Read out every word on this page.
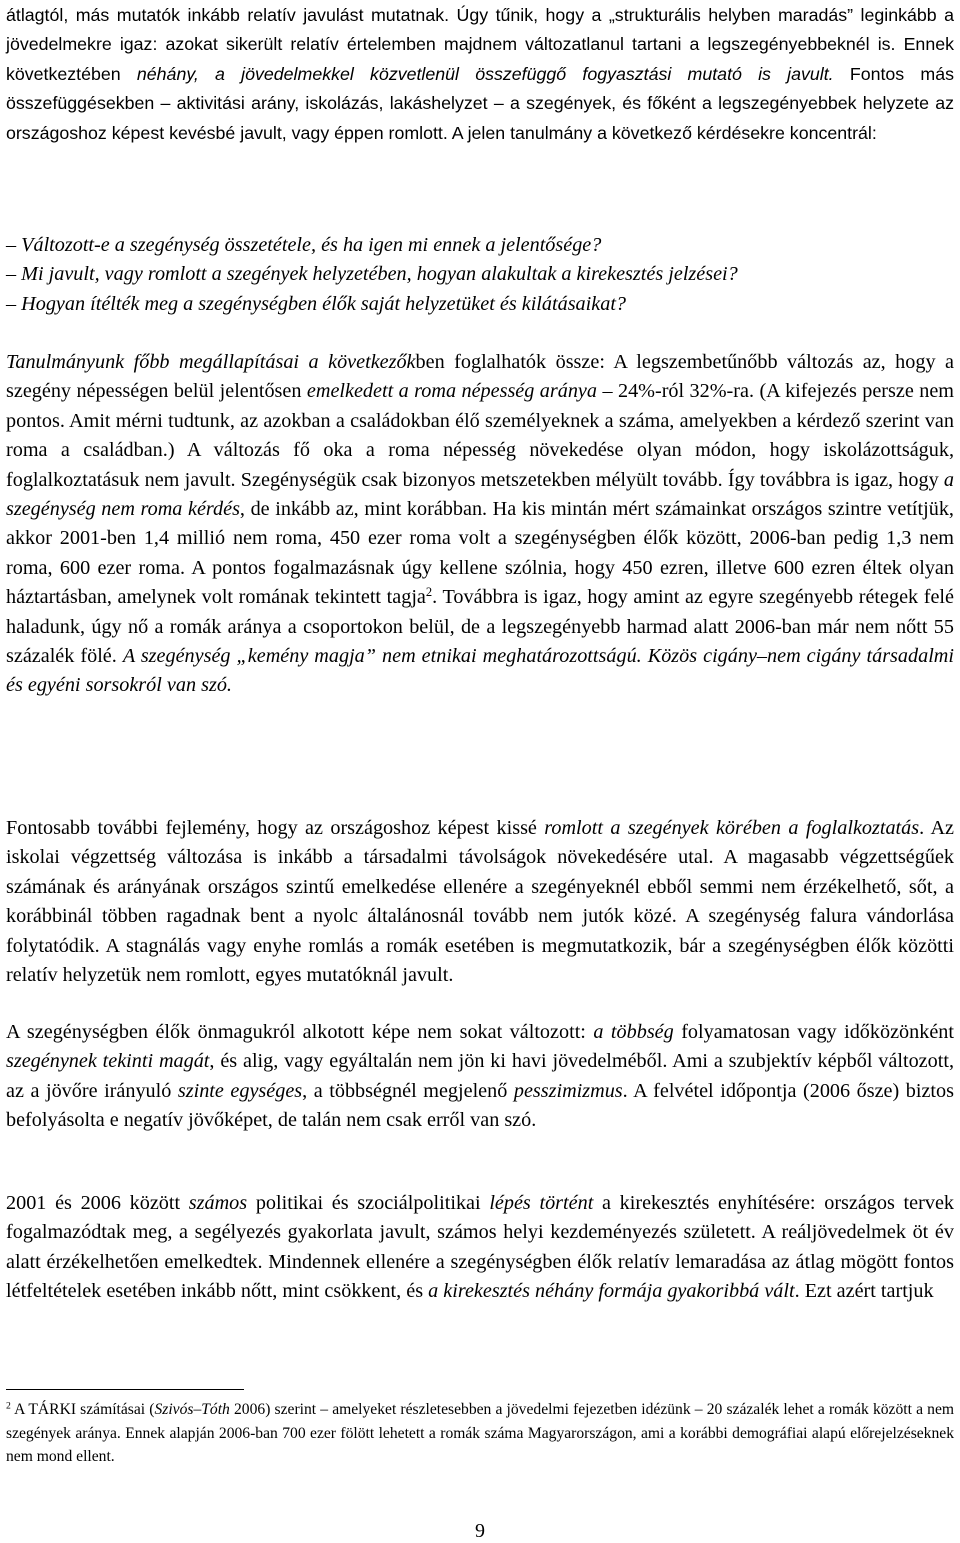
átlagtól, más mutatók inkább relatív javulást mutatnak. Úgy tűnik, hogy a „strukturális helyben maradás” leginkább a jövedelmekre igaz: azokat sikerült relatív értelemben majdnem változatlanul tartani a legszegényebbeknél is. Ennek következtében néhány, a jövedelmekkel közvetlenül összefüggő fogyasztási mutató is javult. Fontos más összefüggésekben – aktivitási arány, iskolázás, lakáshelyzet – a szegények, és főként a legszegényebbek helyzete az országoshoz képest kevésbé javult, vagy éppen romlott. A jelen tanulmány a következő kérdésekre koncentrál:

– Változott-e a szegénység összetétele, és ha igen mi ennek a jelentősége?
– Mi javult, vagy romlott a szegények helyzetében, hogyan alakultak a kirekesztés jelzései?
– Hogyan ítélték meg a szegénységben élők saját helyzetüket és kilátásaikat?

Tanulmányunk főbb megállapításai a következőkben foglalhatók össze: A legszembetűnőbb változás az, hogy a szegény népességen belül jelentősen emelkedett a roma népesség aránya – 24%-ról 32%-ra. (A kifejezés persze nem pontos. Amit mérni tudtunk, az azokban a családokban élő személyeknek a száma, amelyekben a kérdező szerint van roma a családban.) A változás fő oka a roma népesség növekedése olyan módon, hogy iskolázottságuk, foglalkoztatásuk nem javult. Szegénységük csak bizonyos metszetekben mélyült tovább. Így továbbra is igaz, hogy a szegénység nem roma kérdés, de inkább az, mint korábban. Ha kis mintán mért számainkat országos szintre vetítjük, akkor 2001-ben 1,4 millió nem roma, 450 ezer roma volt a szegénységben élők között, 2006-ban pedig 1,3 nem roma, 600 ezer roma. A pontos fogalmazásnak úgy kellene szólnia, hogy 450 ezren, illetve 600 ezren éltek olyan háztartásban, amelynek volt romának tekintett tagja$^2$. Továbbra is igaz, hogy amint az egyre szegényebb rétegek felé haladunk, úgy nő a romák aránya a csoportokon belül, de a legszegényebb harmad alatt 2006-ban már nem nőtt 55 százalék fölé. A szegénység „kemény magja” nem etnikai meghatározottságú. Közös cigány–nem cigány társadalmi és egyéni sorsokról van szó.

Fontosabb további fejlemény, hogy az országoshoz képest kissé romlott a szegények körében a foglalkoztatás. Az iskolai végzettség változása is inkább a társadalmi távolságok növekedésére utal. A magasabb végzettségűek számának és arányának országos szintű emelkedése ellenére a szegényeknél ebből semmi nem érzékelhető, sőt, a korábbinál többen ragadnak bent a nyolc általánosnál tovább nem jutók közé. A szegénység falura vándorlása folytatódik. A stagnálás vagy enyhe romlás a romák esetében is megmutatkozik, bár a szegénységben élők közötti relatív helyzetük nem romlott, egyes mutatóknál javult.

A szegénységben élők önmagukról alkotott képe nem sokat változott: a többség folyamatosan vagy időközönként szegénynek tekinti magát, és alig, vagy egyáltalán nem jön ki havi jövedelméből. Ami a szubjektív képből változott, az a jövőre irányuló szinte egységes, a többségnél megjelenő pesszimizmus. A felvétel időpontja (2006 ősze) biztos befolyásolta e negatív jövőképet, de talán nem csak erről van szó.

2001 és 2006 között számos politikai és szociálpolitikai lépés történt a kirekesztés enyhítésére: országos tervek fogalmazódtak meg, a segélyezés gyakorlata javult, számos helyi kezdeményezés született. A reáljövedelmek öt év alatt érzékelhetően emelkedtek. Mindennek ellenére a szegénységben élők relatív lemaradása az átlag mögött fontos létfeltételek esetében inkább nőtt, mint csökkent, és a kirekesztés néhány formája gyakoribbá vált. Ezt azért tartjuk

$^2$ A TÁRKI számításai (Szivós–Tóth 2006) szerint – amelyeket részletesebben a jövedelmi fejezetben idézünk – 20 százalék lehet a romák között a nem szegények aránya. Ennek alapján 2006-ban 700 ezer fölött lehetett a romák száma Magyarországon, ami a korábbi demográfiai alapú előrejelzéseknek nem mond ellent.

9
